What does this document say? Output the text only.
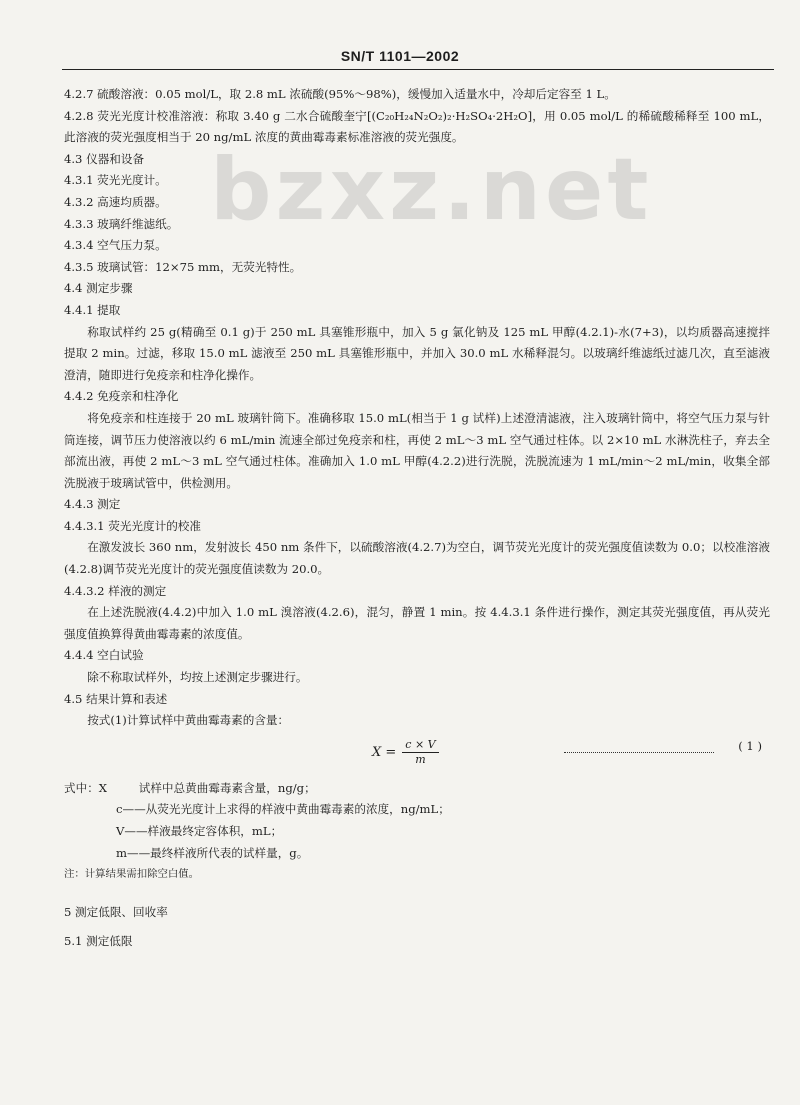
SN/T 1101—2002
bzxz.net

4.2.7 硫酸溶液：0.05 mol/L，取 2.8 mL 浓硫酸(95%～98%)，缓慢加入适量水中，冷却后定容至 1 L。

4.2.8 荧光光度计校准溶液：称取 3.40 g 二水合硫酸奎宁[(C₂₀H₂₄N₂O₂)₂·H₂SO₄·2H₂O]，用 0.05 mol/L 的稀硫酸稀释至 100 mL，此溶液的荧光强度相当于 20 ng/mL 浓度的黄曲霉毒素标准溶液的荧光强度。

4.3 仪器和设备

4.3.1 荧光光度计。

4.3.2 高速均质器。

4.3.3 玻璃纤维滤纸。

4.3.4 空气压力泵。

4.3.5 玻璃试管：12×75 mm，无荧光特性。

4.4 测定步骤

4.4.1 提取

称取试样约 25 g(精确至 0.1 g)于 250 mL 具塞锥形瓶中，加入 5 g 氯化钠及 125 mL 甲醇(4.2.1)-水(7+3)，以均质器高速搅拌提取 2 min。过滤，移取 15.0 mL 滤液至 250 mL 具塞锥形瓶中，并加入 30.0 mL 水稀释混匀。以玻璃纤维滤纸过滤几次，直至滤液澄清，随即进行免疫亲和柱净化操作。

4.4.2 免疫亲和柱净化

将免疫亲和柱连接于 20 mL 玻璃针筒下。准确移取 15.0 mL(相当于 1 g 试样)上述澄清滤液，注入玻璃针筒中，将空气压力泵与针筒连接，调节压力使溶液以约 6 mL/min 流速全部过免疫亲和柱，再使 2 mL～3 mL 空气通过柱体。以 2×10 mL 水淋洗柱子，弃去全部流出液，再使 2 mL～3 mL 空气通过柱体。准确加入 1.0 mL 甲醇(4.2.2)进行洗脱，洗脱流速为 1 mL/min～2 mL/min，收集全部洗脱液于玻璃试管中，供检测用。

4.4.3 测定

4.4.3.1 荧光光度计的校准

在激发波长 360 nm，发射波长 450 nm 条件下，以硫酸溶液(4.2.7)为空白，调节荧光光度计的荧光强度值读数为 0.0；以校准溶液(4.2.8)调节荧光光度计的荧光强度值读数为 20.0。

4.4.3.2 样液的测定

在上述洗脱液(4.4.2)中加入 1.0 mL 溴溶液(4.2.6)，混匀，静置 1 min。按 4.4.3.1 条件进行操作，测定其荧光强度值，再从荧光强度值换算得黄曲霉毒素的浓度值。

4.4.4 空白试验

除不称取试样外，均按上述测定步骤进行。

4.5 结果计算和表述

按式(1)计算试样中黄曲霉毒素的含量：

$X = \frac{c \times V}{m}$	( 1 )

式中：X	试样中总黄曲霉毒素含量，ng/g；

c——从荧光光度计上求得的样液中黄曲霉毒素的浓度，ng/mL；
V——样液最终定容体积，mL；
m——最终样液所代表的试样量，g。

注：计算结果需扣除空白值。

5 测定低限、回收率

5.1 测定低限
